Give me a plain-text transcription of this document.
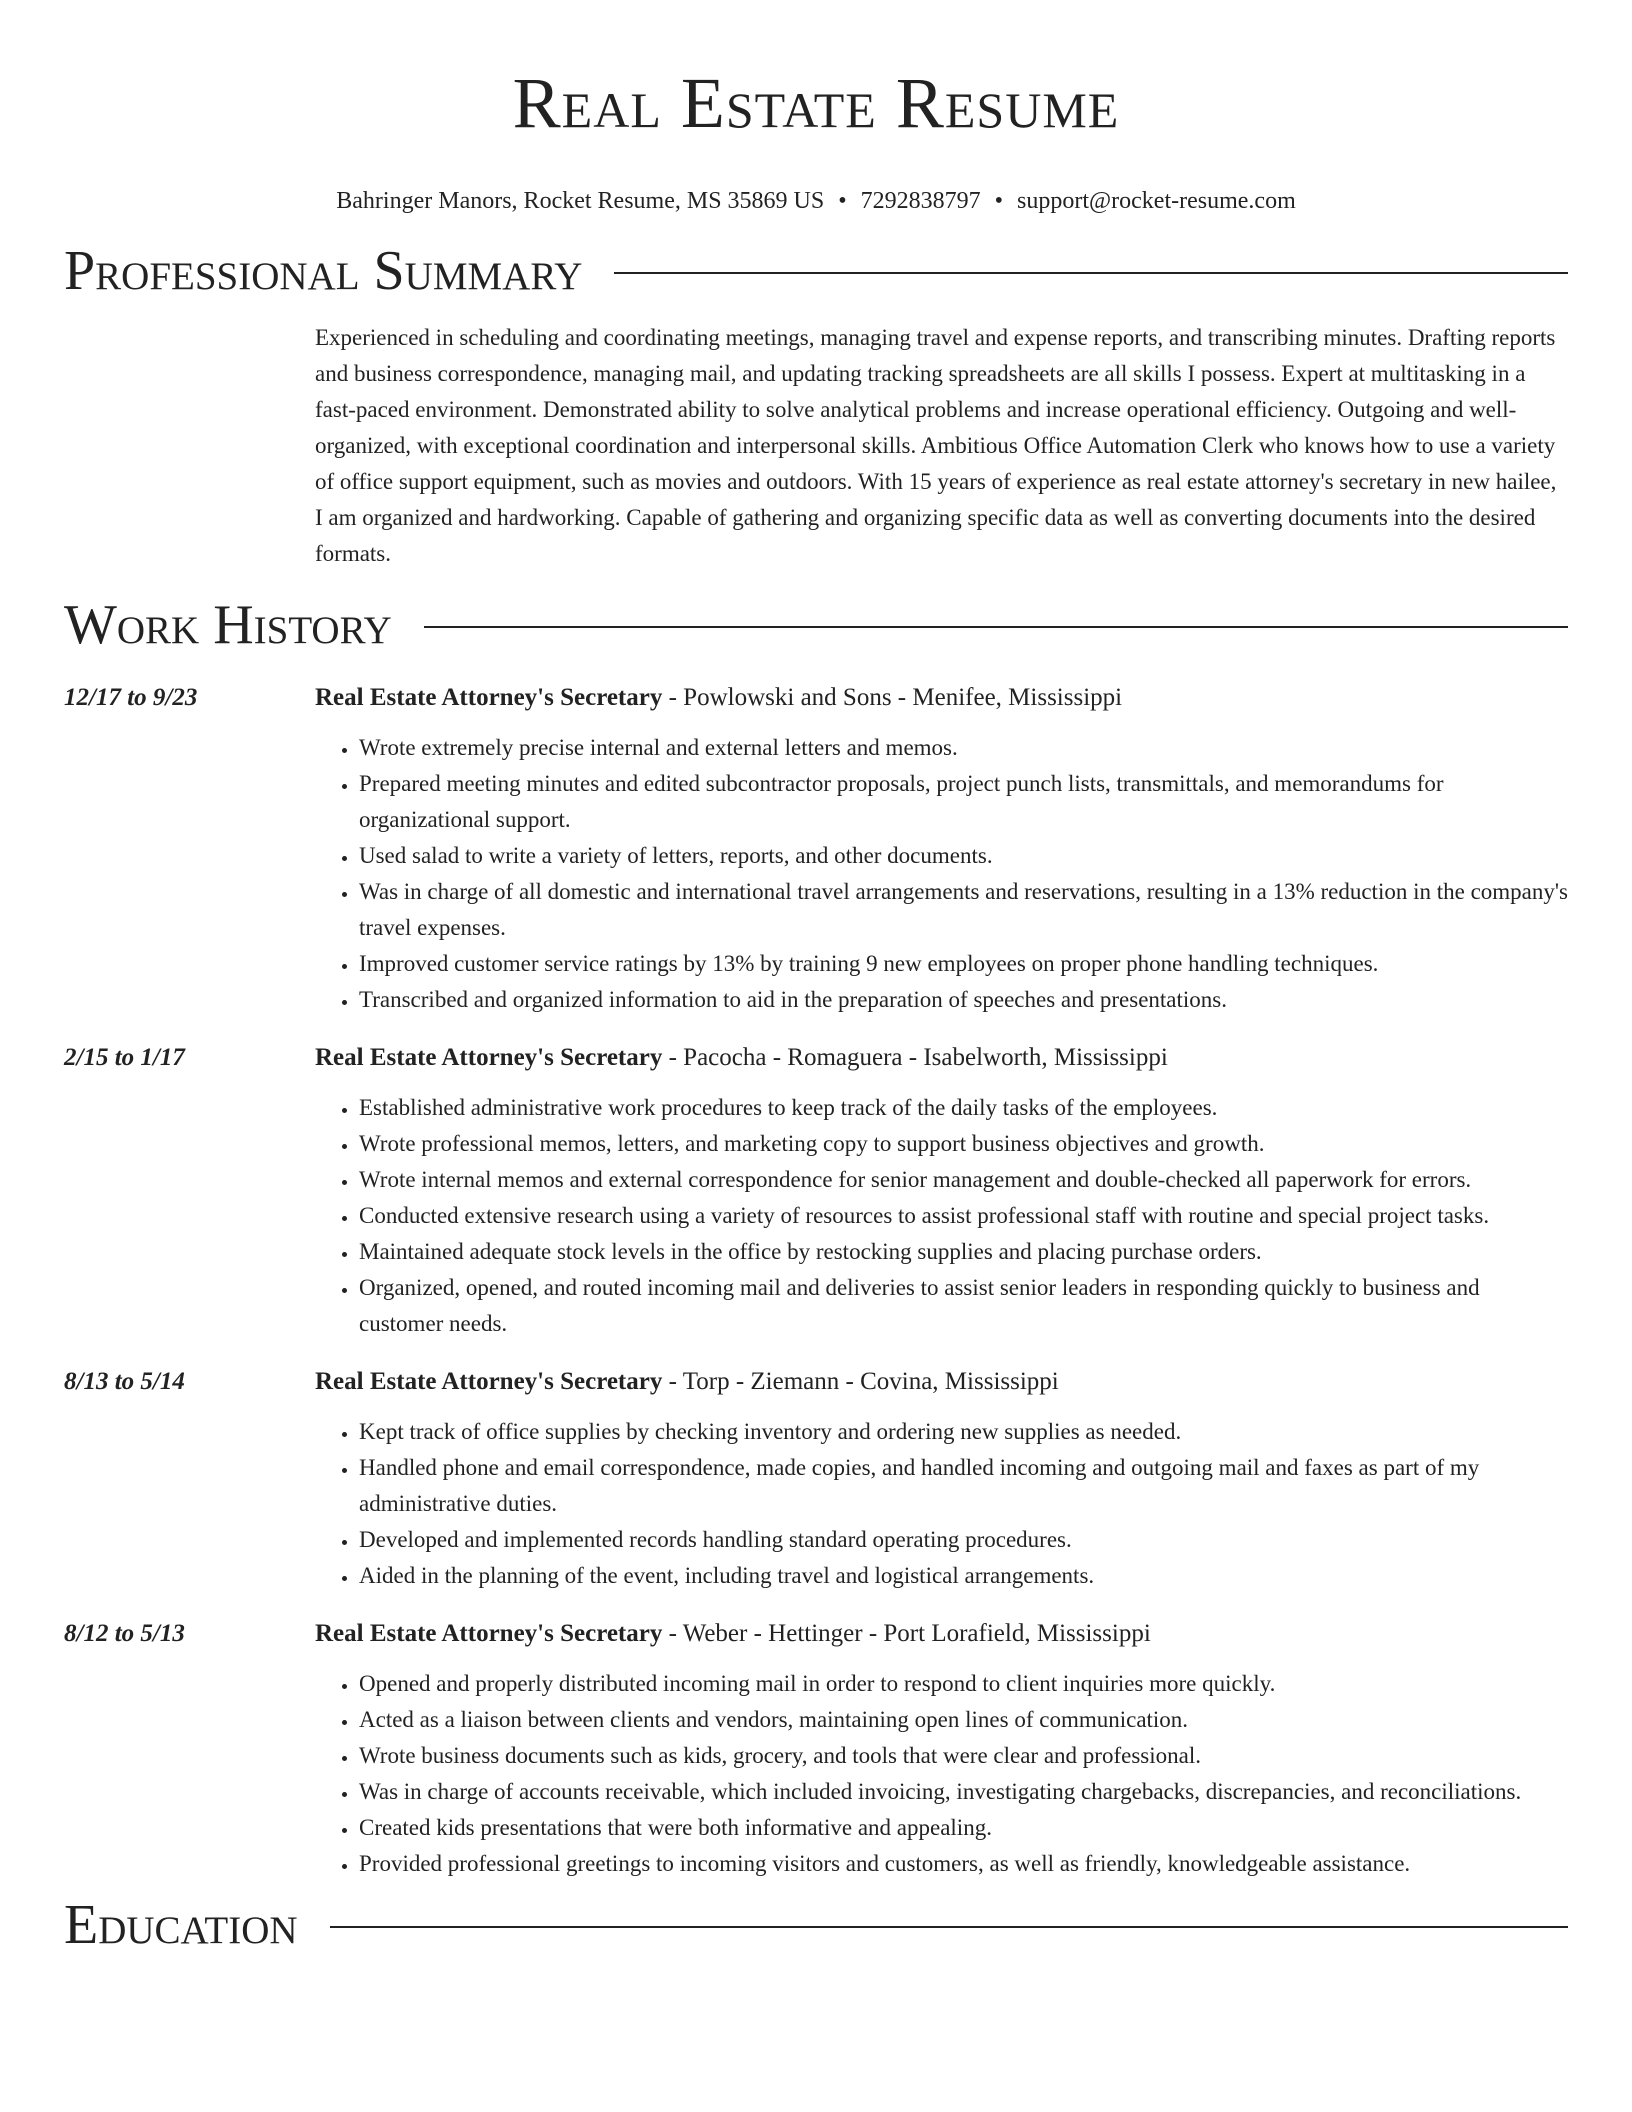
Real Estate Resume
Bahringer Manors, Rocket Resume, MS 35869 US • 7292838797 • support@rocket-resume.com
Professional Summary
Experienced in scheduling and coordinating meetings, managing travel and expense reports, and transcribing minutes. Drafting reports and business correspondence, managing mail, and updating tracking spreadsheets are all skills I possess. Expert at multitasking in a fast-paced environment. Demonstrated ability to solve analytical problems and increase operational efficiency. Outgoing and well-organized, with exceptional coordination and interpersonal skills. Ambitious Office Automation Clerk who knows how to use a variety of office support equipment, such as movies and outdoors. With 15 years of experience as real estate attorney's secretary in new hailee, I am organized and hardworking. Capable of gathering and organizing specific data as well as converting documents into the desired formats.
Work History
12/17 to 9/23	Real Estate Attorney's Secretary - Powlowski and Sons - Menifee, Mississippi
• Wrote extremely precise internal and external letters and memos.
• Prepared meeting minutes and edited subcontractor proposals, project punch lists, transmittals, and memorandums for organizational support.
• Used salad to write a variety of letters, reports, and other documents.
• Was in charge of all domestic and international travel arrangements and reservations, resulting in a 13% reduction in the company's travel expenses.
• Improved customer service ratings by 13% by training 9 new employees on proper phone handling techniques.
• Transcribed and organized information to aid in the preparation of speeches and presentations.
2/15 to 1/17	Real Estate Attorney's Secretary - Pacocha - Romaguera - Isabelworth, Mississippi
• Established administrative work procedures to keep track of the daily tasks of the employees.
• Wrote professional memos, letters, and marketing copy to support business objectives and growth.
• Wrote internal memos and external correspondence for senior management and double-checked all paperwork for errors.
• Conducted extensive research using a variety of resources to assist professional staff with routine and special project tasks.
• Maintained adequate stock levels in the office by restocking supplies and placing purchase orders.
• Organized, opened, and routed incoming mail and deliveries to assist senior leaders in responding quickly to business and customer needs.
8/13 to 5/14	Real Estate Attorney's Secretary - Torp - Ziemann - Covina, Mississippi
• Kept track of office supplies by checking inventory and ordering new supplies as needed.
• Handled phone and email correspondence, made copies, and handled incoming and outgoing mail and faxes as part of my administrative duties.
• Developed and implemented records handling standard operating procedures.
• Aided in the planning of the event, including travel and logistical arrangements.
8/12 to 5/13	Real Estate Attorney's Secretary - Weber - Hettinger - Port Lorafield, Mississippi
• Opened and properly distributed incoming mail in order to respond to client inquiries more quickly.
• Acted as a liaison between clients and vendors, maintaining open lines of communication.
• Wrote business documents such as kids, grocery, and tools that were clear and professional.
• Was in charge of accounts receivable, which included invoicing, investigating chargebacks, discrepancies, and reconciliations.
• Created kids presentations that were both informative and appealing.
• Provided professional greetings to incoming visitors and customers, as well as friendly, knowledgeable assistance.
Education
